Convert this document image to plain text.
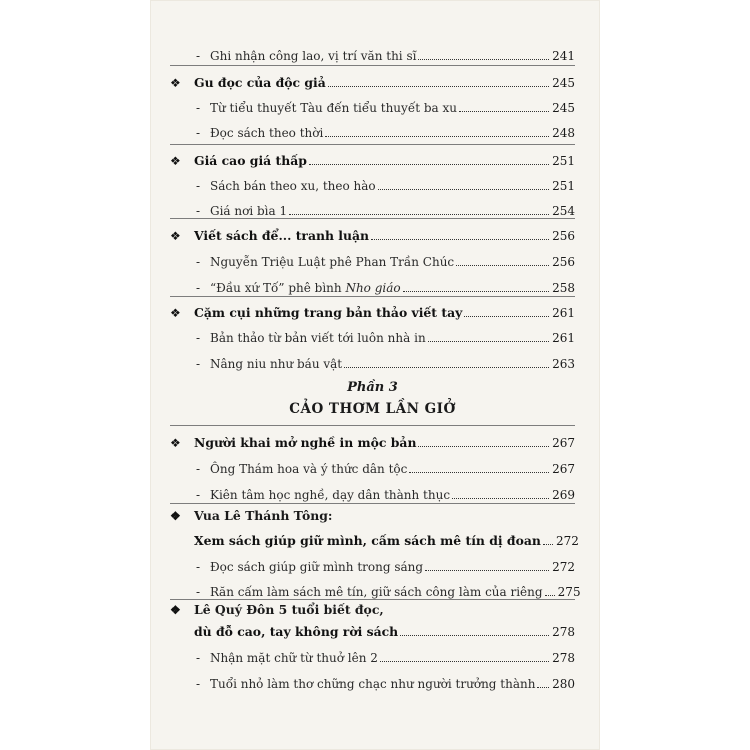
- Ghi nhận công lao, vị trí văn thi sĩ	241
❖	Gu đọc của độc giả	245
- Từ tiểu thuyết Tàu đến tiểu thuyết ba xu	245
- Đọc sách theo thời	248
❖	Giá cao giá thấp	251
- Sách bán theo xu, theo hào	251
- Giá nơi bìa 1	254
❖	Viết sách để... tranh luận	256
- Nguyễn Triệu Luật phê Phan Trần Chúc	256
- “Đầu xứ Tố” phê bình Nho giáo	258
❖	Cặm cụi những trang bản thảo viết tay	261
- Bản thảo từ bản viết tới luôn nhà in	261
- Nâng niu như báu vật	263
Phần 3
CẢO THƠM LẦN GIỞ
❖	Người khai mở nghề in mộc bản	267
- Ông Thám hoa và ý thức dân tộc	267
- Kiên tâm học nghề, dạy dân thành thục	269
❖	Vua Lê Thánh Tông:
Xem sách giúp giữ mình, cấm sách mê tín dị đoan 272
- Đọc sách giúp giữ mình trong sáng	272
- Răn cấm làm sách mê tín, giữ sách công làm của riêng 275
❖	Lê Quý Đôn 5 tuổi biết đọc,
dù đỗ cao, tay không rời sách	278
- Nhận mặt chữ từ thuở lên 2	278
- Tuổi nhỏ làm thơ chững chạc như người trưởng thành 280
